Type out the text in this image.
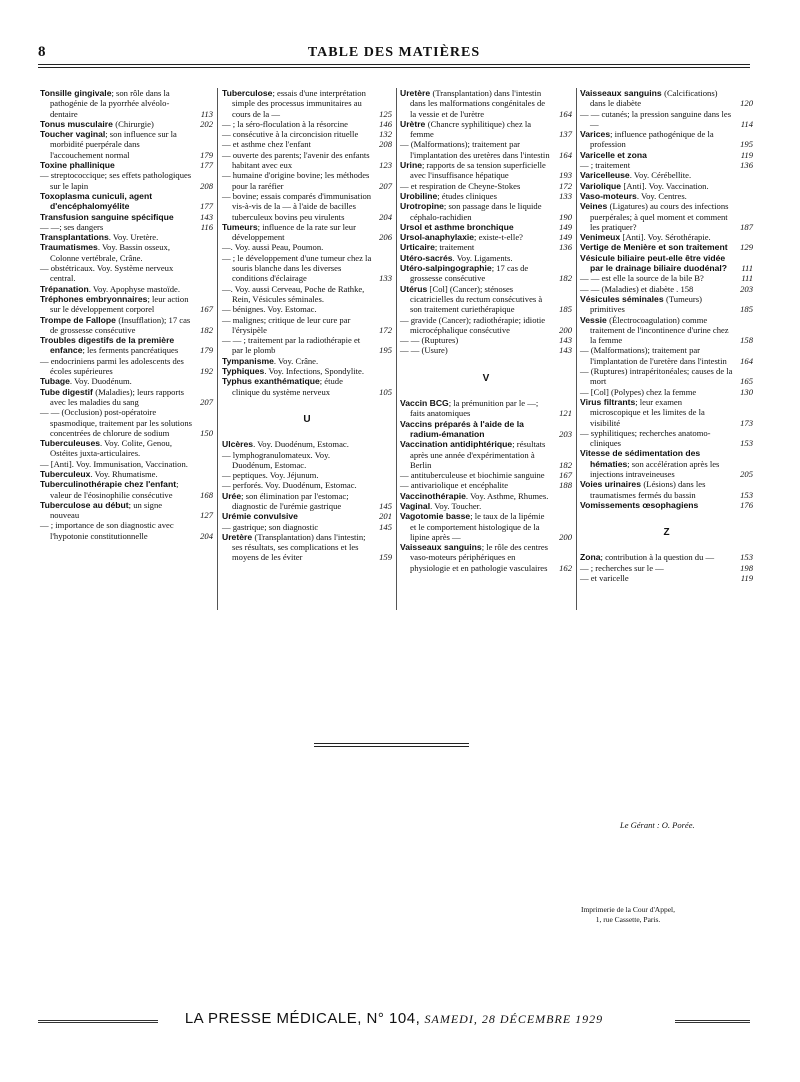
8	TABLE DES MATIÈRES
Tonsille gingivale; son rôle dans la pathogénie de la pyorrhée alvéolo-dentaire	113
Tonus musculaire (Chirurgie)	202
Toucher vaginal; son influence sur la morbidité puerpérale dans l'accouchement normal	179
Toxine phallinique	177
— streptococcique; ses effets pathologiques sur le lapin	208
Toxoplasma cuniculi, agent d'encéphalomyélite	177
Transfusion sanguine spécifique	143
— —; ses dangers	116
Transplantations. Voy. Uretère.
Traumatismes. Voy. Bassin osseux, Colonne vertébrale, Crâne.
— obstétricaux. Voy. Système nerveux central.
Trépanation. Voy. Apophyse mastoïde.
Tréphones embryonnaires; leur action sur le développement corporel	167
Trompe de Fallope (Insufflation); 17 cas de grossesse consécutive	182
Troubles digestifs de la première enfance; les ferments pancréatiques	179
— endocriniens parmi les adolescents des écoles supérieures	192
Tubage. Voy. Duodénum.
Tube digestif (Maladies); leurs rapports avec les maladies du sang	207
— — (Occlusion) post-opératoire spasmodique, traitement par les solutions concentrées de chlorure de sodium	150
Tuberculeuses. Voy. Colite, Genou, Ostéites juxta-articulaires.
— [Anti]. Voy. Immunisation, Vaccination.
Tuberculeux. Voy. Rhumatisme.
Tuberculinothérapie chez l'enfant; valeur de l'éosinophilie consécutive	168
Tuberculose au début; un signe nouveau	127
— ; importance de son diagnostic avec l'hypotonie constitutionnelle	204
Tuberculose; essais d'une interprétation simple des processus immunitaires au cours de la —	125
— ; la séro-floculation à la résorcine	146
— consécutive à la circoncision rituelle	132
— et asthme chez l'enfant	208
— ouverte des parents; l'avenir des enfants habitant avec eux	123
— humaine d'origine bovine; les méthodes pour la raréfier	207
— bovine; essais comparés d'immunisation vis-à-vis de la — à l'aide de bacilles tuberculeux bovins peu virulents	204
Tumeurs; influence de la rate sur leur développement	206
—. Voy. aussi Peau, Poumon.
— ; le développement d'une tumeur chez la souris blanche dans les diverses conditions d'éclairage	133
—. Voy. aussi Cerveau, Poche de Rathke, Rein, Vésicules séminales.
— bénignes. Voy. Estomac.
— malignes; critique de leur cure par l'érysipèle	172
— — ; traitement par la radiothérapie et par le plomb	195
Tympanisme. Voy. Crâne.
Typhiques. Voy. Infections, Spondylite.
Typhus exanthématique; étude clinique du système nerveux	105
U
Ulcères. Voy. Duodénum, Estomac.
— lymphogranulomateux. Voy. Duodénum, Estomac.
— peptiques. Voy. Jéjunum.
— perforés. Voy. Duodénum, Estomac.
Urée; son élimination par l'estomac; diagnostic de l'urémie gastrique	145
Urémie convulsive	201
— gastrique; son diagnostic	145
Uretère (Transplantation) dans l'intestin; ses résultats, ses complications et les moyens de les éviter	159
Uretère (Transplantation) dans l'intestin dans les malformations congénitales de la vessie et de l'urètre	164
Urètre (Chancre syphilitique) chez la femme	137
— (Malformations); traitement par l'implantation des uretères dans l'intestin 164
Urine; rapports de sa tension superficielle avec l'insuffisance hépatique	193
— et respiration de Cheyne-Stokes	172
Urobiline; études cliniques	133
Urotropine; son passage dans le liquide céphalo-rachidien	190
Ursol et asthme bronchique	149
Ursol-anaphylaxie; existe-t-elle?	149
Urticaire; traitement	136
Utéro-sacrés. Voy. Ligaments.
Utéro-salpingographie; 17 cas de grossesse consécutive	182
Utérus [Col] (Cancer); sténoses cicatricielles du rectum consécutives à son traitement curiethérapique	185
— gravide (Cancer); radiothérapie; idiotie microcéphalique consécutive	200
— — (Ruptures)	143
— — (Usure)	143
V
Vaccin BCG; la prémunition par le —; faits anatomiques	121
Vaccins préparés à l'aide de la radium-émanation	203
Vaccination antidiphtérique; résultats après une année d'expérimentation à Berlin	182
— antituberculeuse et biochimie sanguine	167
— antivariolique et encéphalite	188
Vaccinothérapie. Voy. Asthme, Rhumes.
Vaginal. Voy. Toucher.
Vagotomie basse; le taux de la lipémie et le comportement histologique de la lipine après —	200
Vaisseaux sanguins; le rôle des centres vaso-moteurs périphériques en physiologie et en pathologie vasculaires	162
Vaisseaux sanguins (Calcifications) dans le diabète	120
— — cutanés; la pression sanguine dans les —	114
Varices; influence pathogénique de la profession	195
Varicelle et zona	119
— ; traitement	136
Varicelleuse. Voy. Cérébellite.
Variolique [Anti]. Voy. Vaccination.
Vaso-moteurs. Voy. Centres.
Veines (Ligatures) au cours des infections puerpérales; à quel moment et comment les pratiquer?	187
Venimeux [Anti]. Voy. Sérothérapie.
Vertige de Menière et son traitement	129
Vésicule biliaire peut-elle être vidée par le drainage biliaire duodénal?	111
— — est elle la source de la bile B?	111
— — (Maladies) et diabète . 158	203
Vésicules séminales (Tumeurs) primitives	185
Vessie (Électrocoagulation) comme traitement de l'incontinence d'urine chez la femme	158
— (Malformations); traitement par l'implantation de l'uretère dans l'intestin	164
— (Ruptures) intrapéritonéales; causes de la mort	165
— [Col] (Polypes) chez la femme	130
Virus filtrants; leur examen microscopique et les limites de la visibilité	173
— syphilitiques; recherches anatomo-cliniques	153
Vitesse de sédimentation des hématies; son accélération après les injections intraveineuses	205
Voies urinaires (Lésions) dans les traumatismes fermés du bassin	153
Vomissements œsophagiens	176
Z
Zona; contribution à la question du —	153
— ; recherches sur le —	198
— et varicelle	119
Le Gérant : O. Porée.
Imprimerie de la Cour d'Appel,
1, rue Cassette, Paris.
LA PRESSE MÉDICALE, N° 104, SAMEDI, 28 DÉCEMBRE 1929
